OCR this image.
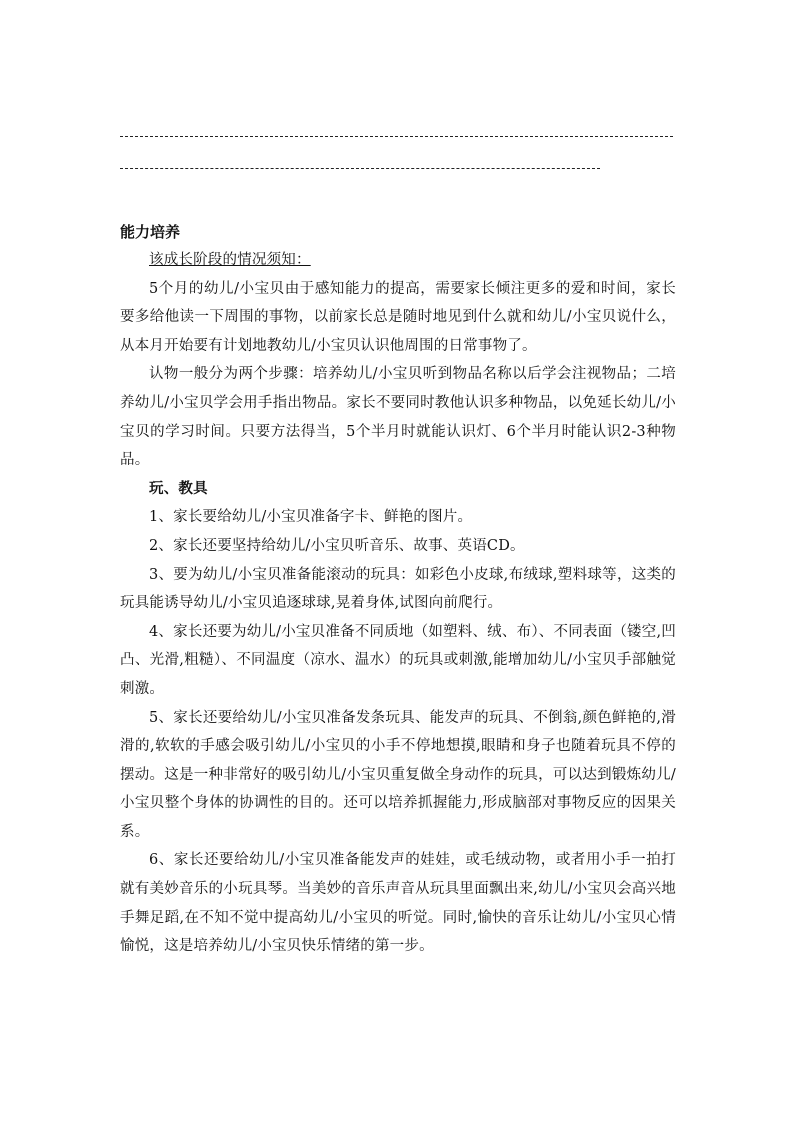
能力培养

该成长阶段的情况须知：

5个月的幼儿/小宝贝由于感知能力的提高，需要家长倾注更多的爱和时间，家长要多给他读一下周围的事物，以前家长总是随时地见到什么就和幼儿/小宝贝说什么，从本月开始要有计划地教幼儿/小宝贝认识他周围的日常事物了。

认物一般分为两个步骤：培养幼儿/小宝贝听到物品名称以后学会注视物品；二培养幼儿/小宝贝学会用手指出物品。家长不要同时教他认识多种物品，以免延长幼儿/小宝贝的学习时间。只要方法得当，5个半月时就能认识灯、6个半月时能认识2-3种物品。

玩、教具

1、家长要给幼儿/小宝贝准备字卡、鲜艳的图片。

2、家长还要坚持给幼儿/小宝贝听音乐、故事、英语CD。

3、要为幼儿/小宝贝准备能滚动的玩具：如彩色小皮球,布绒球,塑料球等，这类的玩具能诱导幼儿/小宝贝追逐球球,晃着身体,试图向前爬行。

4、家长还要为幼儿/小宝贝准备不同质地（如塑料、绒、布）、不同表面（镂空,凹凸、光滑,粗糙）、不同温度（凉水、温水）的玩具或刺激,能增加幼儿/小宝贝手部触觉刺激。

5、家长还要给幼儿/小宝贝准备发条玩具、能发声的玩具、不倒翁,颜色鲜艳的,滑滑的,软软的手感会吸引幼儿/小宝贝的小手不停地想摸,眼睛和身子也随着玩具不停的摆动。这是一种非常好的吸引幼儿/小宝贝重复做全身动作的玩具，可以达到锻炼幼儿/小宝贝整个身体的协调性的目的。还可以培养抓握能力,形成脑部对事物反应的因果关系。

6、家长还要给幼儿/小宝贝准备能发声的娃娃，或毛绒动物，或者用小手一拍打就有美妙音乐的小玩具琴。当美妙的音乐声音从玩具里面飘出来,幼儿/小宝贝会高兴地手舞足蹈,在不知不觉中提高幼儿/小宝贝的听觉。同时,愉快的音乐让幼儿/小宝贝心情愉悦，这是培养幼儿/小宝贝快乐情绪的第一步。
